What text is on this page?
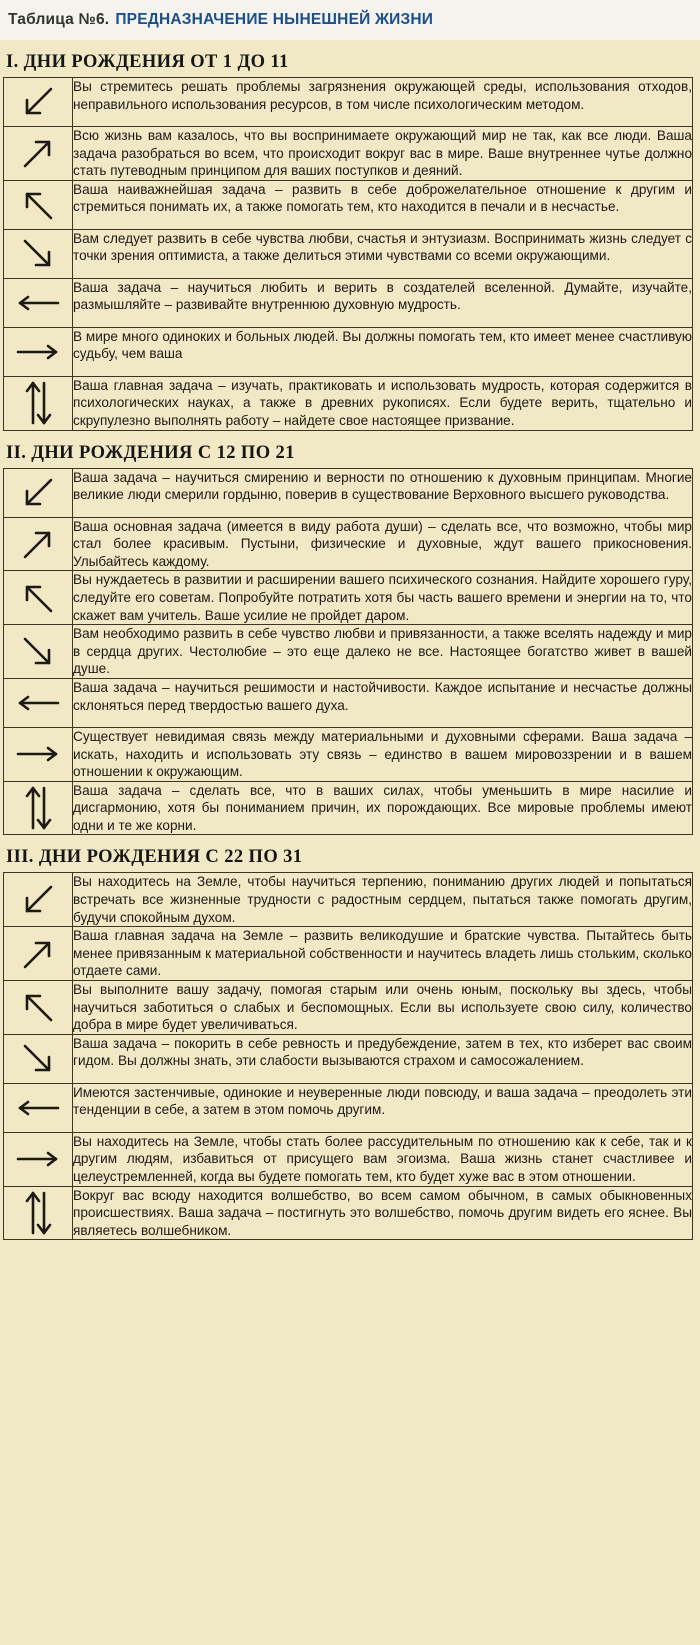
Таблица №6. ПРЕДНАЗНАЧЕНИЕ НЫНЕШНЕЙ ЖИЗНИ
I. ДНИ РОЖДЕНИЯ ОТ 1 ДО 11
	Вы стремитесь решать проблемы загрязнения окружающей среды, использования отходов, неправильного использования ресурсов, в том числе психологическим методом.

	Всю жизнь вам казалось, что вы воспринимаете окружающий мир не так, как все люди. Ваша задача разобраться во всем, что происходит вокруг вас в мире. Ваше внутреннее чутье должно стать путеводным принципом для ваших поступков и деяний.

	Ваша наиважнейшая задача – развить в себе доброжелательное отношение к другим и стремиться понимать их, а также помогать тем, кто находится в печали и в несчастье.

	Вам следует развить в себе чувства любви, счастья и энтузиазм. Воспринимать жизнь следует с точки зрения оптимиста, а также делиться этими чувствами со всеми окружающими.

	Ваша задача – научиться любить и верить в создателей вселенной. Думайте, изучайте, размышляйте – развивайте внутреннюю духовную мудрость.

	В мире много одиноких и больных людей. Вы должны помогать тем, кто имеет менее счастливую судьбу, чем ваша

	Ваша главная задача – изучать, практиковать и использовать мудрость, которая содержится в психологических науках, а также в древних рукописях. Если будете верить, тщательно и скрупулезно выполнять работу – найдете свое настоящее призвание.
II. ДНИ РОЖДЕНИЯ С 12 ПО 21
	Ваша задача – научиться смирению и верности по отношению к духовным принципам. Многие великие люди смерили гордыню, поверив в существование Верховного высшего руководства.

	Ваша основная задача (имеется в виду работа души) – сделать все, что возможно, чтобы мир стал более красивым. Пустыни, физические и духовные, ждут вашего прикосновения. Улыбайтесь каждому.

	Вы нуждаетесь в развитии и расширении вашего психического сознания. Найдите хорошего гуру, следуйте его советам. Попробуйте потратить хотя бы часть вашего времени и энергии на то, что скажет вам учитель. Ваше усилие не пройдет даром.

	Вам необходимо развить в себе чувство любви и привязанности, а также вселять надежду и мир в сердца других. Честолюбие – это еще далеко не все. Настоящее богатство живет в вашей душе.

	Ваша задача – научиться решимости и настойчивости. Каждое испытание и несчастье должны склоняться перед твердостью вашего духа.

	Существует невидимая связь между материальными и духовными сферами. Ваша задача – искать, находить и использовать эту связь – единство в вашем мировоззрении и в вашем отношении к окружающим.

	Ваша задача – сделать все, что в ваших силах, чтобы уменьшить в мире насилие и дисгармонию, хотя бы пониманием причин, их порождающих. Все мировые проблемы имеют одни и те же корни.
III. ДНИ РОЖДЕНИЯ С 22 ПО 31
	Вы находитесь на Земле, чтобы научиться терпению, пониманию других людей и попытаться встречать все жизненные трудности с радостным сердцем, пытаться также помогать другим, будучи спокойным духом.

	Ваша главная задача на Земле – развить великодушие и братские чувства. Пытайтесь быть менее привязанным к материальной собственности и научитесь владеть лишь стольким, сколько отдаете сами.

	Вы выполните вашу задачу, помогая старым или очень юным, поскольку вы здесь, чтобы научиться заботиться о слабых и беспомощных. Если вы используете свою силу, количество добра в мире будет увеличиваться.

	Ваша задача – покорить в себе ревность и предубеждение, затем в тех, кто изберет вас своим гидом. Вы должны знать, эти слабости вызываются страхом и самосожалением.

	Имеются застенчивые, одинокие и неуверенные люди повсюду, и ваша задача – преодолеть эти тенденции в себе, а затем в этом помочь другим.

	Вы находитесь на Земле, чтобы стать более рассудительным по отношению как к себе, так и к другим людям, избавиться от присущего вам эгоизма. Ваша жизнь станет счастливее и целеустремленней, когда вы будете помогать тем, кто будет хуже вас в этом отношении.

	Вокруг вас всюду находится волшебство, во всем самом обычном, в самых обыкновенных происшествиях. Ваша задача – постигнуть это волшебство, помочь другим видеть его яснее. Вы являетесь волшебником.
